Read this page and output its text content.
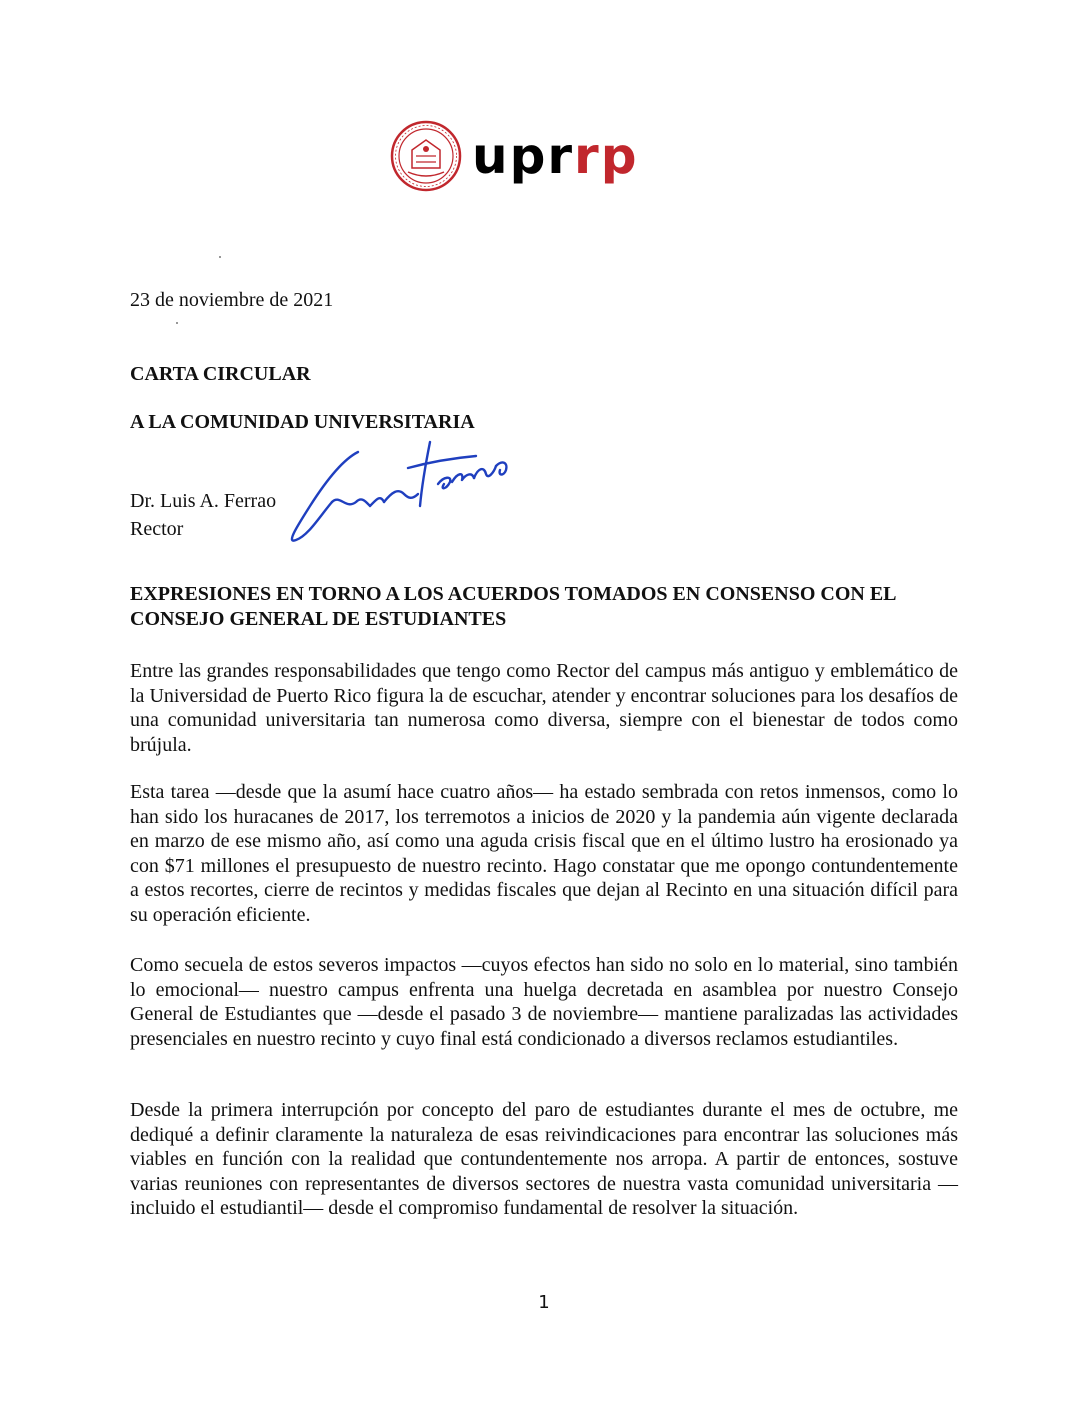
uprrp
23 de noviembre de 2021
CARTA CIRCULAR
A LA COMUNIDAD UNIVERSITARIA
Dr. Luis A. Ferrao
Rector
EXPRESIONES EN TORNO A LOS ACUERDOS TOMADOS EN CONSENSO CON EL CONSEJO GENERAL DE ESTUDIANTES

Entre las grandes responsabilidades que tengo como Rector del campus más antiguo y emblemático de la Universidad de Puerto Rico figura la de escuchar, atender y encontrar soluciones para los desafíos de una comunidad universitaria tan numerosa como diversa, siempre con el bienestar de todos como brújula.

Esta tarea —desde que la asumí hace cuatro años— ha estado sembrada con retos inmensos, como lo han sido los huracanes de 2017, los terremotos a inicios de 2020 y la pandemia aún vigente declarada en marzo de ese mismo año, así como una aguda crisis fiscal que en el último lustro ha erosionado ya con $71 millones el presupuesto de nuestro recinto. Hago constatar que me opongo contundentemente a estos recortes, cierre de recintos y medidas fiscales que dejan al Recinto en una situación difícil para su operación eficiente.

Como secuela de estos severos impactos —cuyos efectos han sido no solo en lo material, sino también lo emocional— nuestro campus enfrenta una huelga decretada en asamblea por nuestro Consejo General de Estudiantes que —desde el pasado 3 de noviembre— mantiene paralizadas las actividades presenciales en nuestro recinto y cuyo final está condicionado a diversos reclamos estudiantiles.

Desde la primera interrupción por concepto del paro de estudiantes durante el mes de octubre, me dediqué a definir claramente la naturaleza de esas reivindicaciones para encontrar las soluciones más viables en función con la realidad que contundentemente nos arropa. A partir de entonces, sostuve varias reuniones con representantes de diversos sectores de nuestra vasta comunidad universitaria —incluido el estudiantil— desde el compromiso fundamental de resolver la situación.

1
